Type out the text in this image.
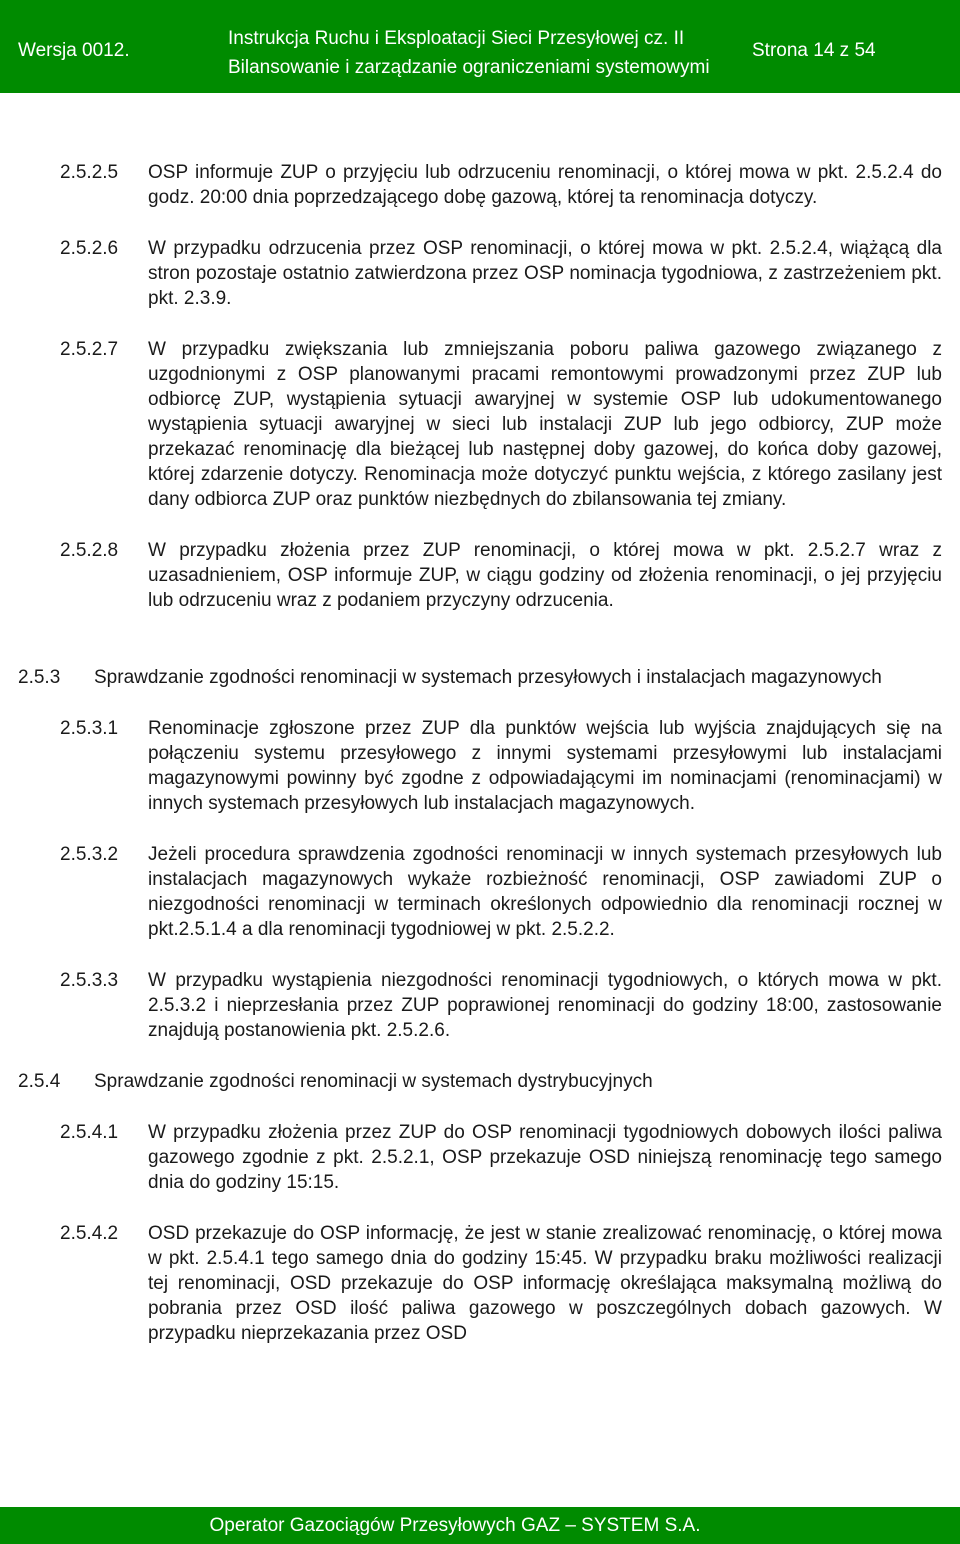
Wersja 0012.
Instrukcja Ruchu i Eksploatacji Sieci Przesyłowej cz. II
Bilansowanie i zarządzanie ograniczeniami systemowymi
Strona 14 z 54
2.5.2.5 OSP informuje ZUP o przyjęciu lub odrzuceniu renominacji, o której mowa w pkt. 2.5.2.4 do godz. 20:00 dnia poprzedzającego dobę gazową, której ta renominacja dotyczy.
2.5.2.6 W przypadku odrzucenia przez OSP renominacji, o której mowa w pkt. 2.5.2.4, wiążącą dla stron pozostaje ostatnio zatwierdzona przez OSP nominacja tygodniowa, z zastrzeżeniem pkt. pkt. 2.3.9.
2.5.2.7 W przypadku zwiększania lub zmniejszania poboru paliwa gazowego związanego z uzgodnionymi z OSP planowanymi pracami remontowymi prowadzonymi przez ZUP lub odbiorcę ZUP, wystąpienia sytuacji awaryjnej w systemie OSP lub udokumentowanego wystąpienia sytuacji awaryjnej w sieci lub instalacji ZUP lub jego odbiorcy, ZUP może przekazać renominację dla bieżącej lub następnej doby gazowej, do końca doby gazowej, której zdarzenie dotyczy. Renominacja może dotyczyć punktu wejścia, z którego zasilany jest dany odbiorca ZUP oraz punktów niezbędnych do zbilansowania tej zmiany.
2.5.2.8 W przypadku złożenia przez ZUP renominacji, o której mowa w pkt. 2.5.2.7 wraz z uzasadnieniem, OSP informuje ZUP, w ciągu godziny od złożenia renominacji, o jej przyjęciu lub odrzuceniu wraz z podaniem przyczyny odrzucenia.
2.5.3 Sprawdzanie zgodności renominacji w systemach przesyłowych i instalacjach magazynowych
2.5.3.1 Renominacje zgłoszone przez ZUP dla punktów wejścia lub wyjścia znajdujących się na połączeniu systemu przesyłowego z innymi systemami przesyłowymi lub instalacjami magazynowymi powinny być zgodne z odpowiadającymi im nominacjami (renominacjami) w innych systemach przesyłowych lub instalacjach magazynowych.
2.5.3.2 Jeżeli procedura sprawdzenia zgodności renominacji w innych systemach przesyłowych lub instalacjach magazynowych wykaże rozbieżność renominacji, OSP zawiadomi ZUP o niezgodności renominacji w terminach określonych odpowiednio dla renominacji rocznej w pkt.2.5.1.4 a dla renominacji tygodniowej w pkt. 2.5.2.2.
2.5.3.3 W przypadku wystąpienia niezgodności renominacji tygodniowych, o których mowa w pkt. 2.5.3.2 i nieprzesłania przez ZUP poprawionej renominacji do godziny 18:00, zastosowanie znajdują postanowienia pkt. 2.5.2.6.
2.5.4 Sprawdzanie zgodności renominacji w systemach dystrybucyjnych
2.5.4.1 W przypadku złożenia przez ZUP do OSP renominacji tygodniowych dobowych ilości paliwa gazowego zgodnie z pkt. 2.5.2.1, OSP przekazuje OSD niniejszą renominację tego samego dnia do godziny 15:15.
2.5.4.2 OSD przekazuje do OSP informację, że jest w stanie zrealizować renominację, o której mowa w pkt. 2.5.4.1 tego samego dnia do godziny 15:45. W przypadku braku możliwości realizacji tej renominacji, OSD przekazuje do OSP informację określająca maksymalną możliwą do pobrania przez OSD ilość paliwa gazowego w poszczególnych dobach gazowych. W przypadku nieprzekazania przez OSD
Operator Gazociągów Przesyłowych GAZ – SYSTEM S.A.
